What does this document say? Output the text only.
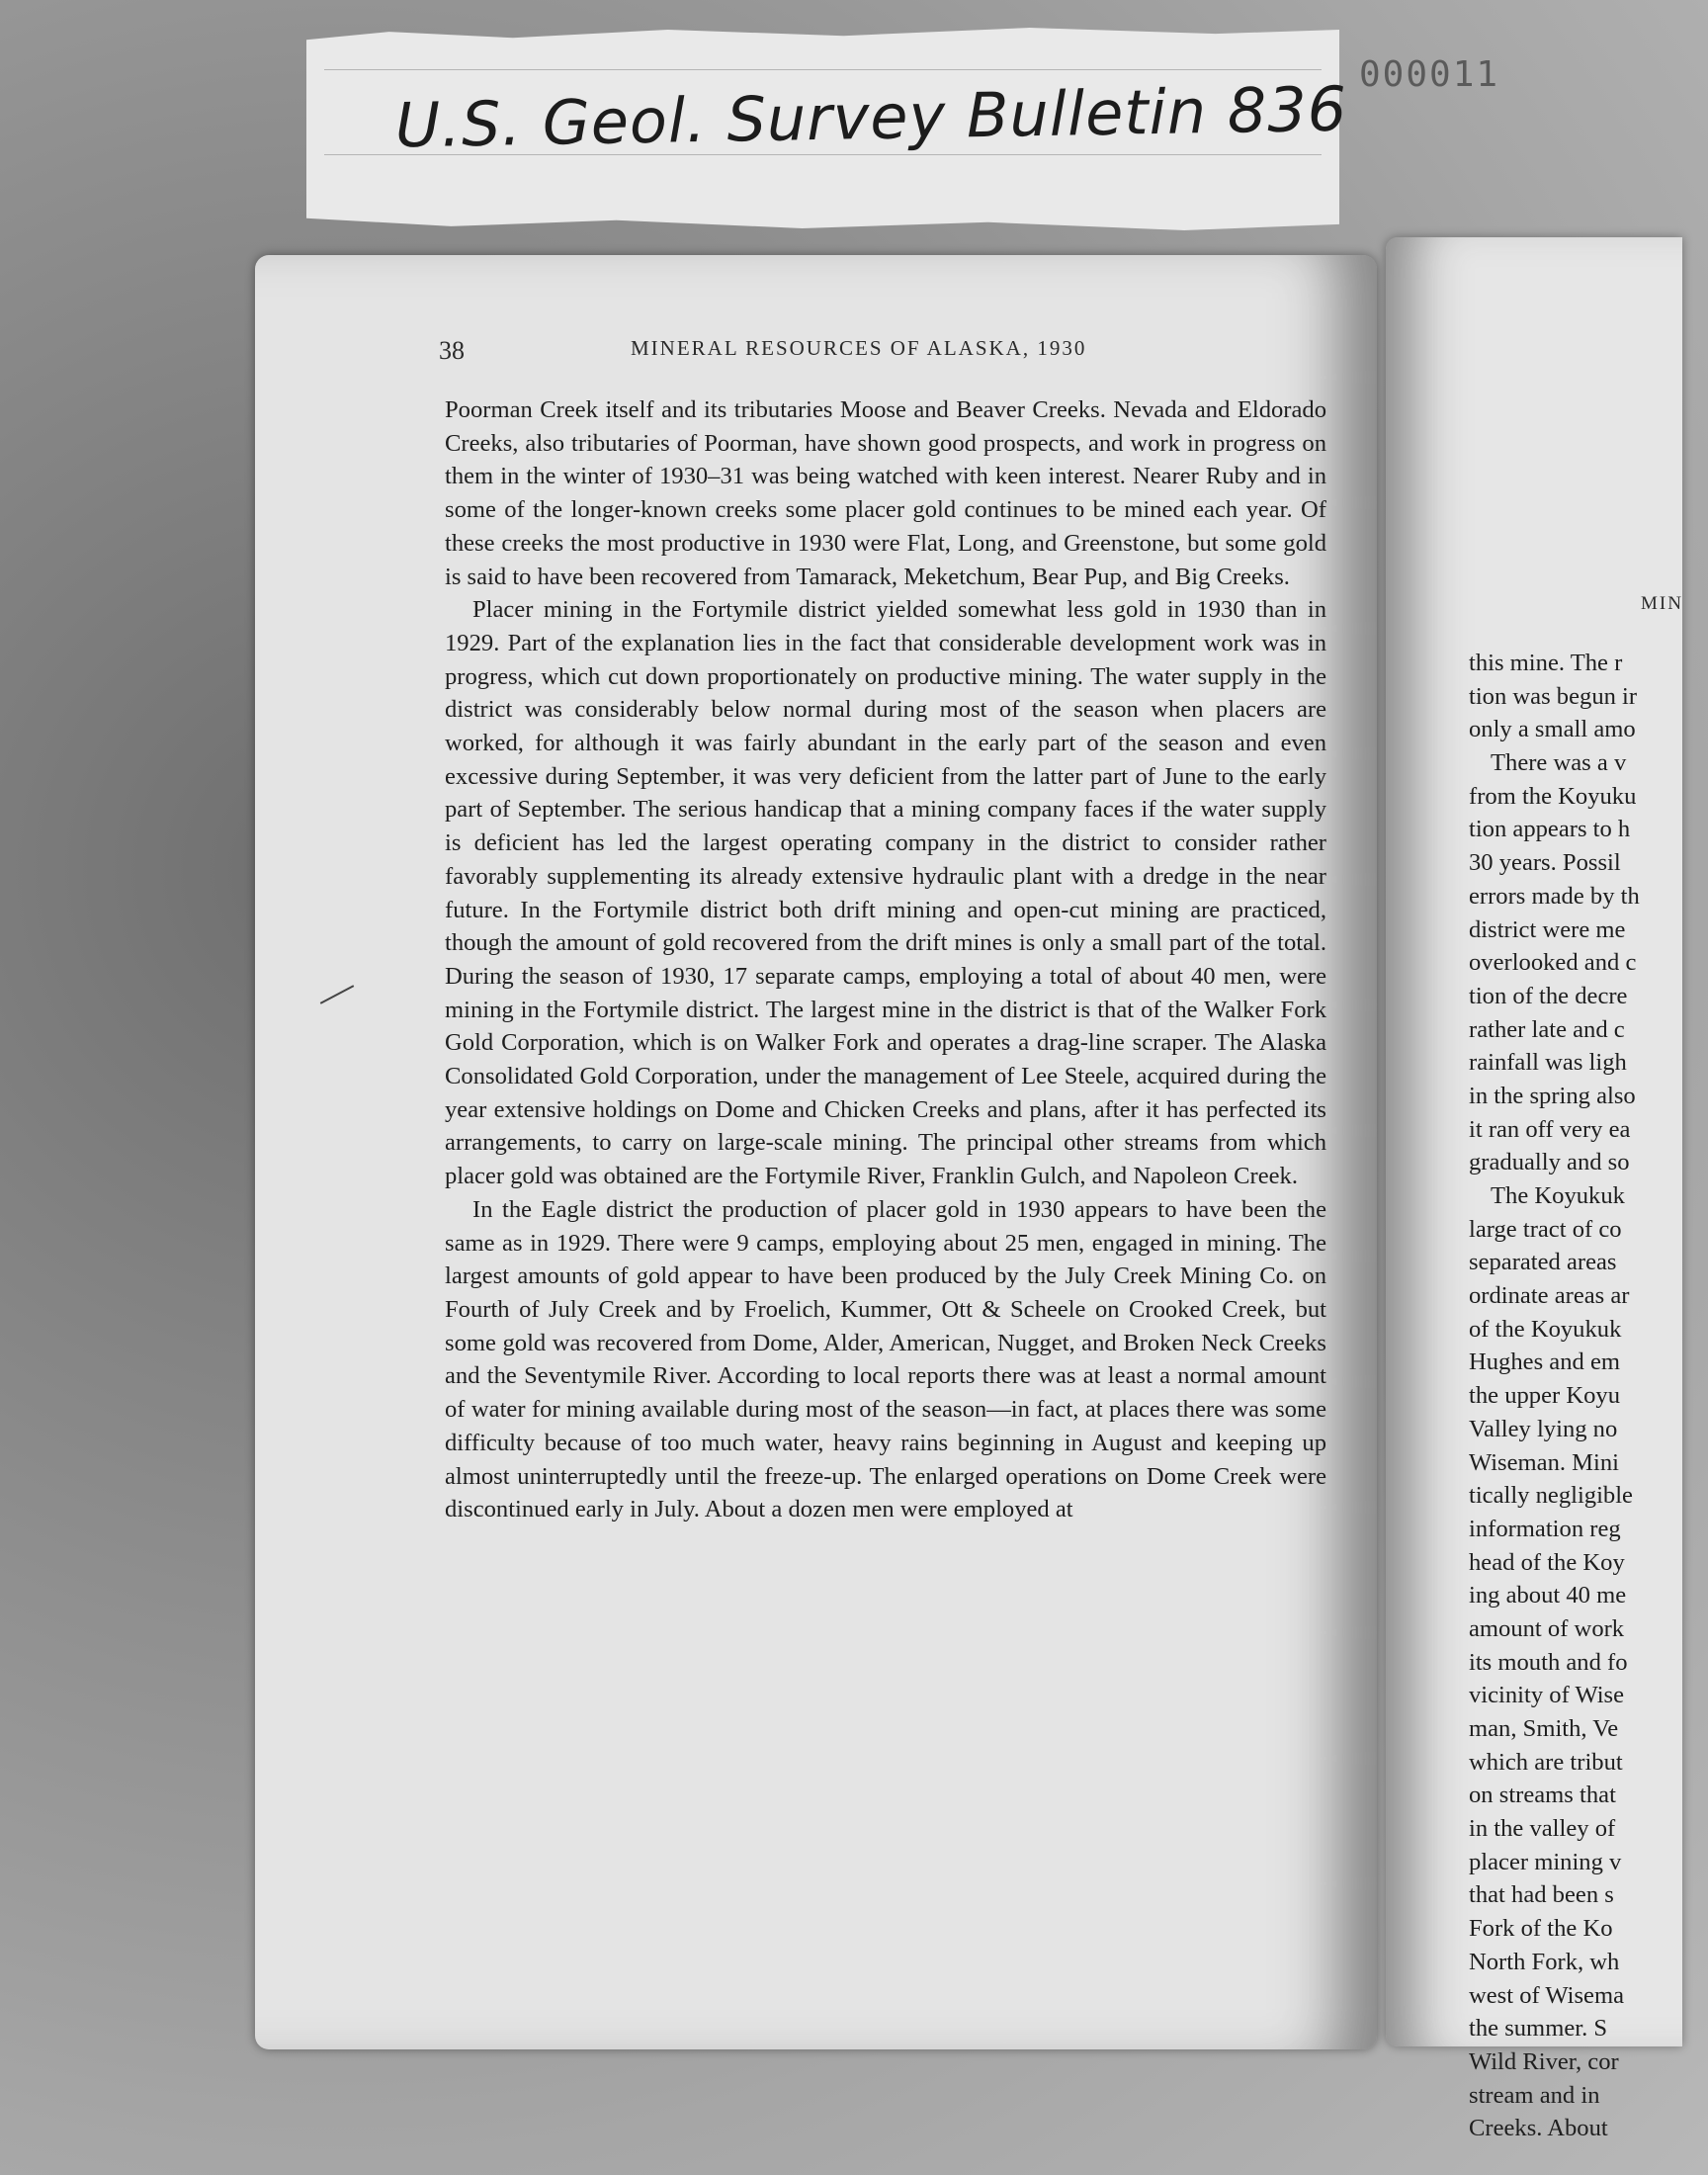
U.S. Geol. Survey Bulletin 836 000011
MIN
this mine. The r
tion was begun ir
only a small amo
There was a v
from the Koyuku
tion appears to h
30 years. Possil
errors made by th
district were me
overlooked and c
tion of the decre
rather late and c
rainfall was ligh
in the spring also
it ran off very ea
gradually and so
The Koyukuk
large tract of co
separated areas
ordinate areas ar
of the Koyukuk
Hughes and em
the upper Koyu
Valley lying no
Wiseman. Mini
tically negligible
information reg
head of the Koy
ing about 40 me
amount of work
its mouth and fo
vicinity of Wise
man, Smith, Ve
which are tribut
on streams that
in the valley of
placer mining v
that had been s
Fork of the Ko
North Fork, wh
west of Wisema
the summer. S
Wild River, cor
stream and in
Creeks. About
38	MINERAL RESOURCES OF ALASKA, 1930

Poorman Creek itself and its tributaries Moose and Beaver Creeks. Nevada and Eldorado Creeks, also tributaries of Poorman, have shown good prospects, and work in progress on them in the winter of 1930–31 was being watched with keen interest. Nearer Ruby and in some of the longer-known creeks some placer gold continues to be mined each year. Of these creeks the most productive in 1930 were Flat, Long, and Greenstone, but some gold is said to have been recovered from Tamarack, Meketchum, Bear Pup, and Big Creeks.

Placer mining in the Fortymile district yielded somewhat less gold in 1930 than in 1929. Part of the explanation lies in the fact that considerable development work was in progress, which cut down proportionately on productive mining. The water supply in the district was considerably below normal during most of the season when placers are worked, for although it was fairly abundant in the early part of the season and even excessive during September, it was very deficient from the latter part of June to the early part of September. The serious handicap that a mining company faces if the water supply is deficient has led the largest operating company in the district to consider rather favorably supplementing its already extensive hydraulic plant with a dredge in the near future. In the Fortymile district both drift mining and open-cut mining are practiced, though the amount of gold recovered from the drift mines is only a small part of the total. During the season of 1930, 17 separate camps, employing a total of about 40 men, were mining in the Fortymile district. The largest mine in the district is that of the Walker Fork Gold Corporation, which is on Walker Fork and operates a drag-line scraper. The Alaska Consolidated Gold Corporation, under the management of Lee Steele, acquired during the year extensive holdings on Dome and Chicken Creeks and plans, after it has perfected its arrangements, to carry on large-scale mining. The principal other streams from which placer gold was obtained are the Fortymile River, Franklin Gulch, and Napoleon Creek.

In the Eagle district the production of placer gold in 1930 appears to have been the same as in 1929. There were 9 camps, employing about 25 men, engaged in mining. The largest amounts of gold appear to have been produced by the July Creek Mining Co. on Fourth of July Creek and by Froelich, Kummer, Ott & Scheele on Crooked Creek, but some gold was recovered from Dome, Alder, American, Nugget, and Broken Neck Creeks and the Seventymile River. According to local reports there was at least a normal amount of water for mining available during most of the season—in fact, at places there was some difficulty because of too much water, heavy rains beginning in August and keeping up almost uninterruptedly until the freeze-up. The enlarged operations on Dome Creek were discontinued early in July. About a dozen men were employed at
